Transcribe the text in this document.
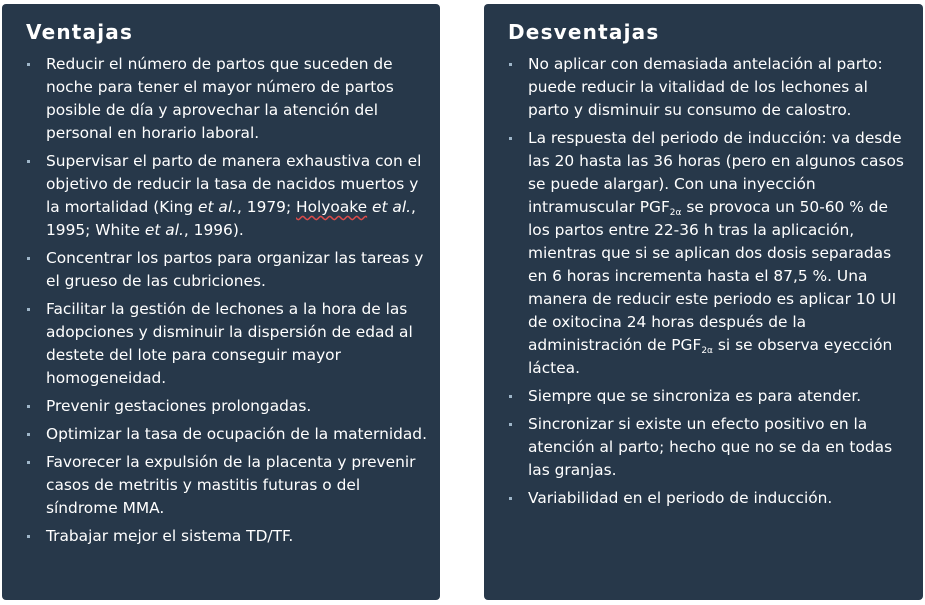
Ventajas
Reducir el número de partos que suceden de noche para tener el mayor número de partos posible de día y aprovechar la atención del personal en horario laboral.
Supervisar el parto de manera exhaustiva con el objetivo de reducir la tasa de nacidos muertos y la mortalidad (King et al., 1979; Holyoake et al., 1995; White et al., 1996).
Concentrar los partos para organizar las tareas y el grueso de las cubriciones.
Facilitar la gestión de lechones a la hora de las adopciones y disminuir la dispersión de edad al destete del lote para conseguir mayor homogeneidad.
Prevenir gestaciones prolongadas.
Optimizar la tasa de ocupación de la maternidad.
Favorecer la expulsión de la placenta y prevenir casos de metritis y mastitis futuras o del síndrome MMA.
Trabajar mejor el sistema TD/TF.
Desventajas
No aplicar con demasiada antelación al parto: puede reducir la vitalidad de los lechones al parto y disminuir su consumo de calostro.
La respuesta del periodo de inducción: va desde las 20 hasta las 36 horas (pero en algunos casos se puede alargar). Con una inyección intramuscular $PGF_{2\alpha}$ se provoca un 50-60 % de los partos entre 22-36 h tras la aplicación, mientras que si se aplican dos dosis separadas en 6 horas incrementa hasta el 87,5 %. Una manera de reducir este periodo es aplicar 10 UI de oxitocina 24 horas después de la administración de $PGF_{2\alpha}$ si se observa eyección láctea.
Siempre que se sincroniza es para atender.
Sincronizar si existe un efecto positivo en la atención al parto; hecho que no se da en todas las granjas.
Variabilidad en el periodo de inducción.
